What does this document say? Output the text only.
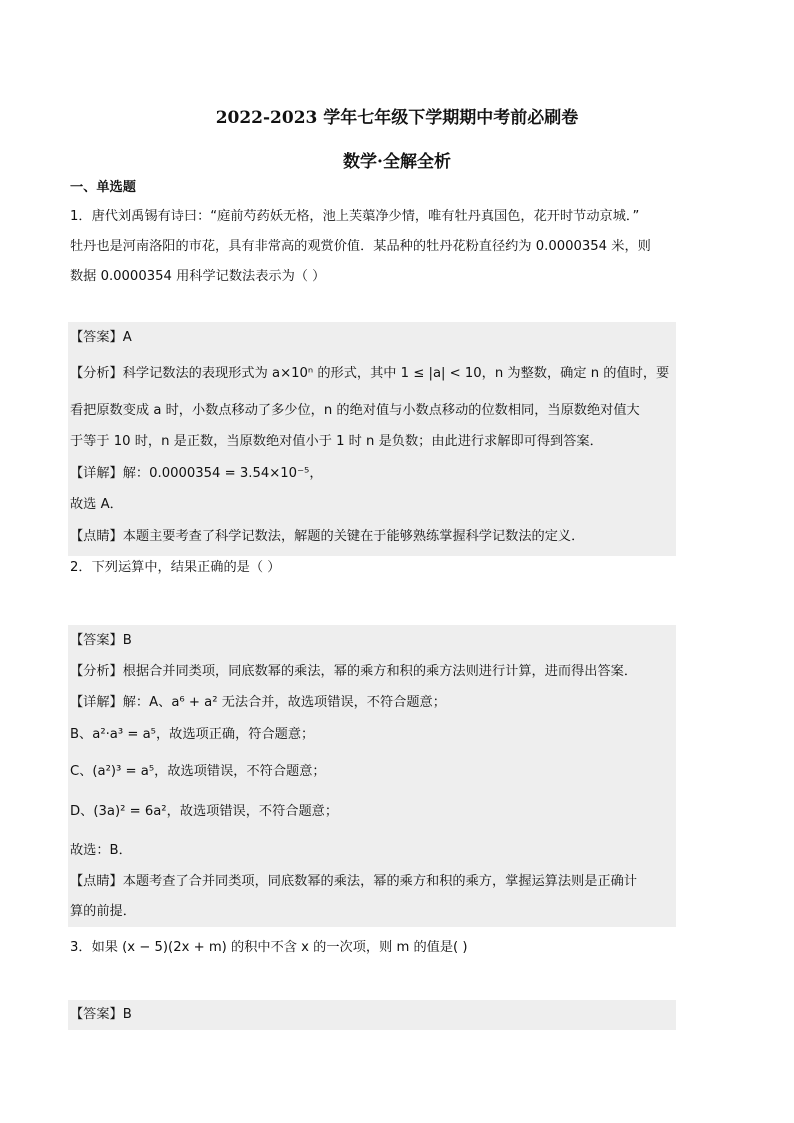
2022-2023 学年七年级下学期期中考前必刷卷
数学·全解全析
一、单选题
1．唐代刘禹锡有诗曰：“庭前芍药妖无格，池上芙蕖净少情，唯有牡丹真国色，花开时节动京城．”
牡丹也是河南洛阳的市花，具有非常高的观赏价值．某品种的牡丹花粉直径约为 0.0000354 米，则
数据 0.0000354 用科学记数法表示为（ ）
【答案】A
【分析】科学记数法的表现形式为 a×10ⁿ 的形式，其中 1 ≤ |a| < 10，n 为整数，确定 n 的值时，要
看把原数变成 a 时，小数点移动了多少位，n 的绝对值与小数点移动的位数相同，当原数绝对值大
于等于 10 时，n 是正数，当原数绝对值小于 1 时 n 是负数；由此进行求解即可得到答案．
【详解】解：0.0000354 = 3.54×10⁻⁵，
故选 A．
【点睛】本题主要考查了科学记数法，解题的关键在于能够熟练掌握科学记数法的定义．
2．下列运算中，结果正确的是（ ）
【答案】B
【分析】根据合并同类项，同底数幂的乘法，幂的乘方和积的乘方法则进行计算，进而得出答案．
【详解】解：A、a⁶ + a² 无法合并，故选项错误，不符合题意；
B、a²·a³ = a⁵，故选项正确，符合题意；
C、(a²)³ = a⁵，故选项错误，不符合题意；
D、(3a)² = 6a²，故选项错误，不符合题意；
故选：B．
【点睛】本题考查了合并同类项，同底数幂的乘法，幂的乘方和积的乘方，掌握运算法则是正确计
算的前提．
3．如果 (x − 5)(2x + m) 的积中不含 x 的一次项，则 m 的值是( )
【答案】B
